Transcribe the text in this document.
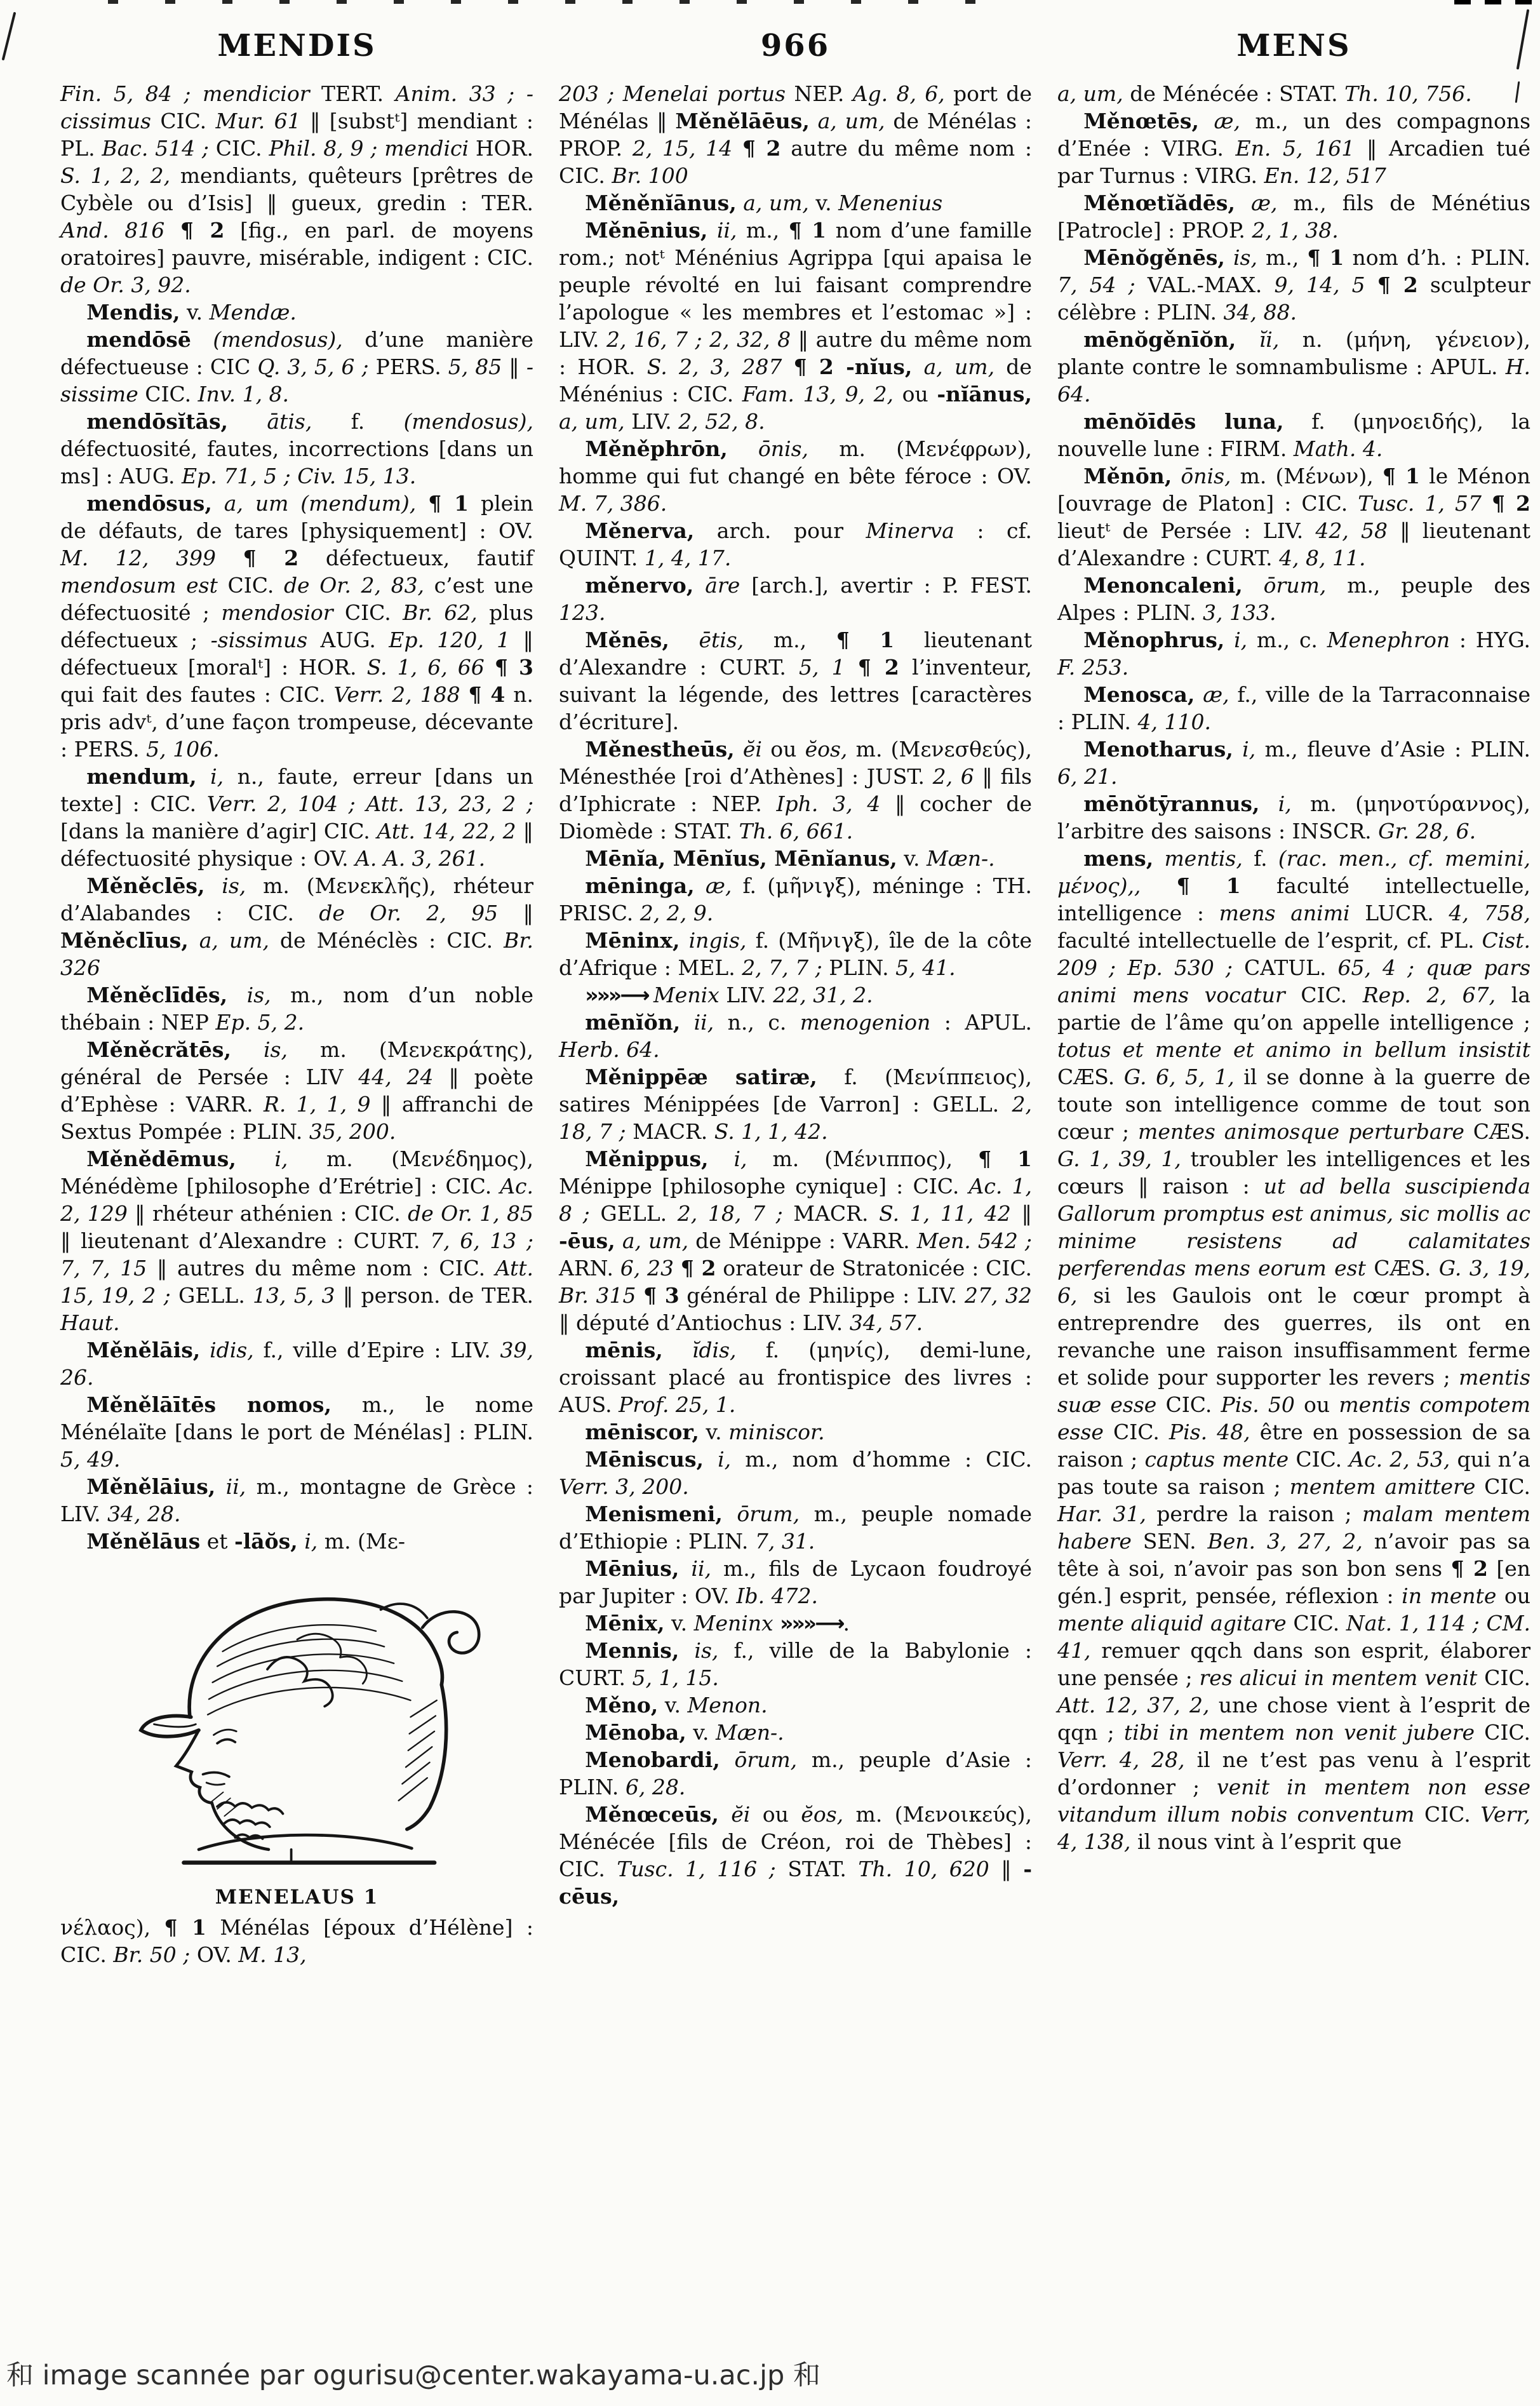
MENDIS	966	MENS

Fin. 5, 84 ; mendicior TERT. Anim. 33 ; -cissimus CIC. Mur. 61 ‖ [substᵗ] mendiant : PL. Bac. 514 ; CIC. Phil. 8, 9 ; mendici HOR. S. 1, 2, 2, mendiants, quêteurs [prêtres de Cybèle ou d’Isis] ‖ gueux, gredin : TER. And. 816 ¶ 2 [fig., en parl. de moyens oratoires] pauvre, misérable, indigent : CIC. de Or. 3, 92.

Mendis, v. Mendæ.

mendōsē (mendosus), d’une manière défectueuse : CIC Q. 3, 5, 6 ; PERS. 5, 85 ‖ -sissime CIC. Inv. 1, 8.

mendōsĭtās, ātis, f. (mendosus), défectuosité, fautes, incorrections [dans un ms] : AUG. Ep. 71, 5 ; Civ. 15, 13.

mendōsus, a, um (mendum), ¶ 1 plein de défauts, de tares [physiquement] : OV. M. 12, 399 ¶ 2 défectueux, fautif mendosum est CIC. de Or. 2, 83, c’est une défectuosité ; mendosior CIC. Br. 62, plus défectueux ; -sissimus AUG. Ep. 120, 1 ‖ défectueux [moralᵗ] : HOR. S. 1, 6, 66 ¶ 3 qui fait des fautes : CIC. Verr. 2, 188 ¶ 4 n. pris advᵗ, d’une façon trompeuse, décevante : PERS. 5, 106.

mendum, i, n., faute, erreur [dans un texte] : CIC. Verr. 2, 104 ; Att. 13, 23, 2 ; [dans la manière d’agir] CIC. Att. 14, 22, 2 ‖ défectuosité physique : OV. A. A. 3, 261.

Měněclēs, is, m. (Μενεκλῆς), rhéteur d’Alabandes : CIC. de Or. 2, 95 ‖ Měněclīus, a, um, de Ménéclès : CIC. Br. 326

Měněclīdēs, is, m., nom d’un noble thébain : NEP Ep. 5, 2.

Měněcrătēs, is, m. (Μενεκράτης), général de Persée : LIV 44, 24 ‖ poète d’Ephèse : VARR. R. 1, 1, 9 ‖ affranchi de Sextus Pompée : PLIN. 35, 200.

Měnědēmus, i, m. (Μενέδημος), Ménédème [philosophe d’Erétrie] : CIC. Ac. 2, 129 ‖ rhéteur athénien : CIC. de Or. 1, 85 ‖ lieutenant d’Alexandre : CURT. 7, 6, 13 ; 7, 7, 15 ‖ autres du même nom : CIC. Att. 15, 19, 2 ; GELL. 13, 5, 3 ‖ person. de TER. Haut.

Měnělāis, idis, f., ville d’Epire : LIV. 39, 26.

Měnělāītēs nomos, m., le nome Ménélaïte [dans le port de Ménélas] : PLIN. 5, 49.

Měnělāius, ii, m., montagne de Grèce : LIV. 34, 28.

Měnělāus et -lāŏs, i, m. (Με-

MENELAUS 1

νέλαος), ¶ 1 Ménélas [époux d’Hélène] : CIC. Br. 50 ; OV. M. 13,

203 ; Menelai portus NEP. Ag. 8, 6, port de Ménélas ‖ Měnělāēus, a, um, de Ménélas : PROP. 2, 15, 14 ¶ 2 autre du même nom : CIC. Br. 100

Měněnĭānus, a, um, v. Menenius

Měnēnius, ii, m., ¶ 1 nom d’une famille rom.; notᵗ Ménénius Agrippa [qui apaisa le peuple révolté en lui faisant comprendre l’apologue « les membres et l’estomac »] : LIV. 2, 16, 7 ; 2, 32, 8 ‖ autre du même nom : HOR. S. 2, 3, 287 ¶ 2 -nĭus, a, um, de Ménénius : CIC. Fam. 13, 9, 2, ou -nĭānus, a, um, LIV. 2, 52, 8.

Měněphrōn, ōnis, m. (Μενέφρων), homme qui fut changé en bête féroce : OV. M. 7, 386.

Měnerva, arch. pour Minerva : cf. QUINT. 1, 4, 17.

měnervo, āre [arch.], avertir : P. FEST. 123.

Měnēs, ētis, m., ¶ 1 lieutenant d’Alexandre : CURT. 5, 1 ¶ 2 l’inventeur, suivant la légende, des lettres [caractères d’écriture].

Měnestheūs, ĕi ou ĕos, m. (Μενεσθεύς), Ménesthée [roi d’Athènes] : JUST. 2, 6 ‖ fils d’Iphicrate : NEP. Iph. 3, 4 ‖ cocher de Diomède : STAT. Th. 6, 661.

Mēnĭa, Mēnĭus, Mēnĭanus, v. Mæn-.

mēninga, æ, f. (μῆνιγξ), méninge : TH. PRISC. 2, 2, 9.

Mēninx, ingis, f. (Μῆνιγξ), île de la côte d’Afrique : MEL. 2, 7, 7 ; PLIN. 5, 41.

»»»⟶ Menix LIV. 22, 31, 2.

mēnĭŏn, ii, n., c. menogenion : APUL. Herb. 64.

Měnippēæ satiræ, f. (Μενίππειος), satires Ménippées [de Varron] : GELL. 2, 18, 7 ; MACR. S. 1, 1, 42.

Měnippus, i, m. (Μένιππος), ¶ 1 Ménippe [philosophe cynique] : CIC. Ac. 1, 8 ; GELL. 2, 18, 7 ; MACR. S. 1, 11, 42 ‖ -ēus, a, um, de Ménippe : VARR. Men. 542 ; ARN. 6, 23 ¶ 2 orateur de Stratonicée : CIC. Br. 315 ¶ 3 général de Philippe : LIV. 27, 32 ‖ député d’Antiochus : LIV. 34, 57.

mēnis, ĭdis, f. (μηνίς), demi-lune, croissant placé au frontispice des livres : AUS. Prof. 25, 1.

mēniscor, v. miniscor.

Mēniscus, i, m., nom d’homme : CIC. Verr. 3, 200.

Menismeni, ōrum, m., peuple nomade d’Ethiopie : PLIN. 7, 31.

Mēnius, ii, m., fils de Lycaon foudroyé par Jupiter : OV. Ib. 472.

Mēnix, v. Meninx »»»⟶.

Mennis, is, f., ville de la Babylonie : CURT. 5, 1, 15.

Měno, v. Menon.

Mēnoba, v. Mæn-.

Menobardi, ōrum, m., peuple d’Asie : PLIN. 6, 28.

Měnœceūs, ĕi ou ĕos, m. (Μενοικεύς), Ménécée [fils de Créon, roi de Thèbes] : CIC. Tusc. 1, 116 ; STAT. Th. 10, 620 ‖ -cēus,

a, um, de Ménécée : STAT. Th. 10, 756.

Měnœtēs, æ, m., un des compagnons d’Enée : VIRG. En. 5, 161 ‖ Arcadien tué par Turnus : VIRG. En. 12, 517

Měnœtĭădēs, æ, m., fils de Ménétius [Patrocle] : PROP. 2, 1, 38.

Mēnŏgěnēs, is, m., ¶ 1 nom d’h. : PLIN. 7, 54 ; VAL.-MAX. 9, 14, 5 ¶ 2 sculpteur célèbre : PLIN. 34, 88.

mēnŏgěnīŏn, ĭi, n. (μήνη, γένειον), plante contre le somnambulisme : APUL. H. 64.

mēnŏīdēs luna, f. (μηνοειδής), la nouvelle lune : FIRM. Math. 4.

Měnōn, ōnis, m. (Μένων), ¶ 1 le Ménon [ouvrage de Platon] : CIC. Tusc. 1, 57 ¶ 2 lieutᵗ de Persée : LIV. 42, 58 ‖ lieutenant d’Alexandre : CURT. 4, 8, 11.

Menoncaleni, ōrum, m., peuple des Alpes : PLIN. 3, 133.

Měnophrus, i, m., c. Menephron : HYG. F. 253.

Menosca, æ, f., ville de la Tarraconnaise : PLIN. 4, 110.

Menotharus, i, m., fleuve d’Asie : PLIN. 6, 21.

mēnŏtȳrannus, i, m. (μηνοτύραννος), l’arbitre des saisons : INSCR. Gr. 28, 6.

mens, mentis, f. (rac. men., cf. memini, μένος),, ¶ 1 faculté intellectuelle, intelligence : mens animi LUCR. 4, 758, faculté intellectuelle de l’esprit, cf. PL. Cist. 209 ; Ep. 530 ; CATUL. 65, 4 ; quæ pars animi mens vocatur CIC. Rep. 2, 67, la partie de l’âme qu’on appelle intelligence ; totus et mente et animo in bellum insistit CÆS. G. 6, 5, 1, il se donne à la guerre de toute son intelligence comme de tout son cœur ; mentes animosque perturbare CÆS. G. 1, 39, 1, troubler les intelligences et les cœurs ‖ raison : ut ad bella suscipienda Gallorum promptus est animus, sic mollis ac minime resistens ad calamitates perferendas mens eorum est CÆS. G. 3, 19, 6, si les Gaulois ont le cœur prompt à entreprendre des guerres, ils ont en revanche une raison insuffisamment ferme et solide pour supporter les revers ; mentis suæ esse CIC. Pis. 50 ou mentis compotem esse CIC. Pis. 48, être en possession de sa raison ; captus mente CIC. Ac. 2, 53, qui n’a pas toute sa raison ; mentem amittere CIC. Har. 31, perdre la raison ; malam mentem habere SEN. Ben. 3, 27, 2, n’avoir pas sa tête à soi, n’avoir pas son bon sens ¶ 2 [en gén.] esprit, pensée, réflexion : in mente ou mente aliquid agitare CIC. Nat. 1, 114 ; CM. 41, remuer qqch dans son esprit, élaborer une pensée ; res alicui in mentem venit CIC. Att. 12, 37, 2, une chose vient à l’esprit de qqn ; tibi in mentem non venit jubere CIC. Verr. 4, 28, il ne t’est pas venu à l’esprit d’ordonner ; venit in mentem non esse vitandum illum nobis conventum CIC. Verr, 4, 138, il nous vint à l’esprit que

和 image scannée par ogurisu@center.wakayama-u.ac.jp 和
